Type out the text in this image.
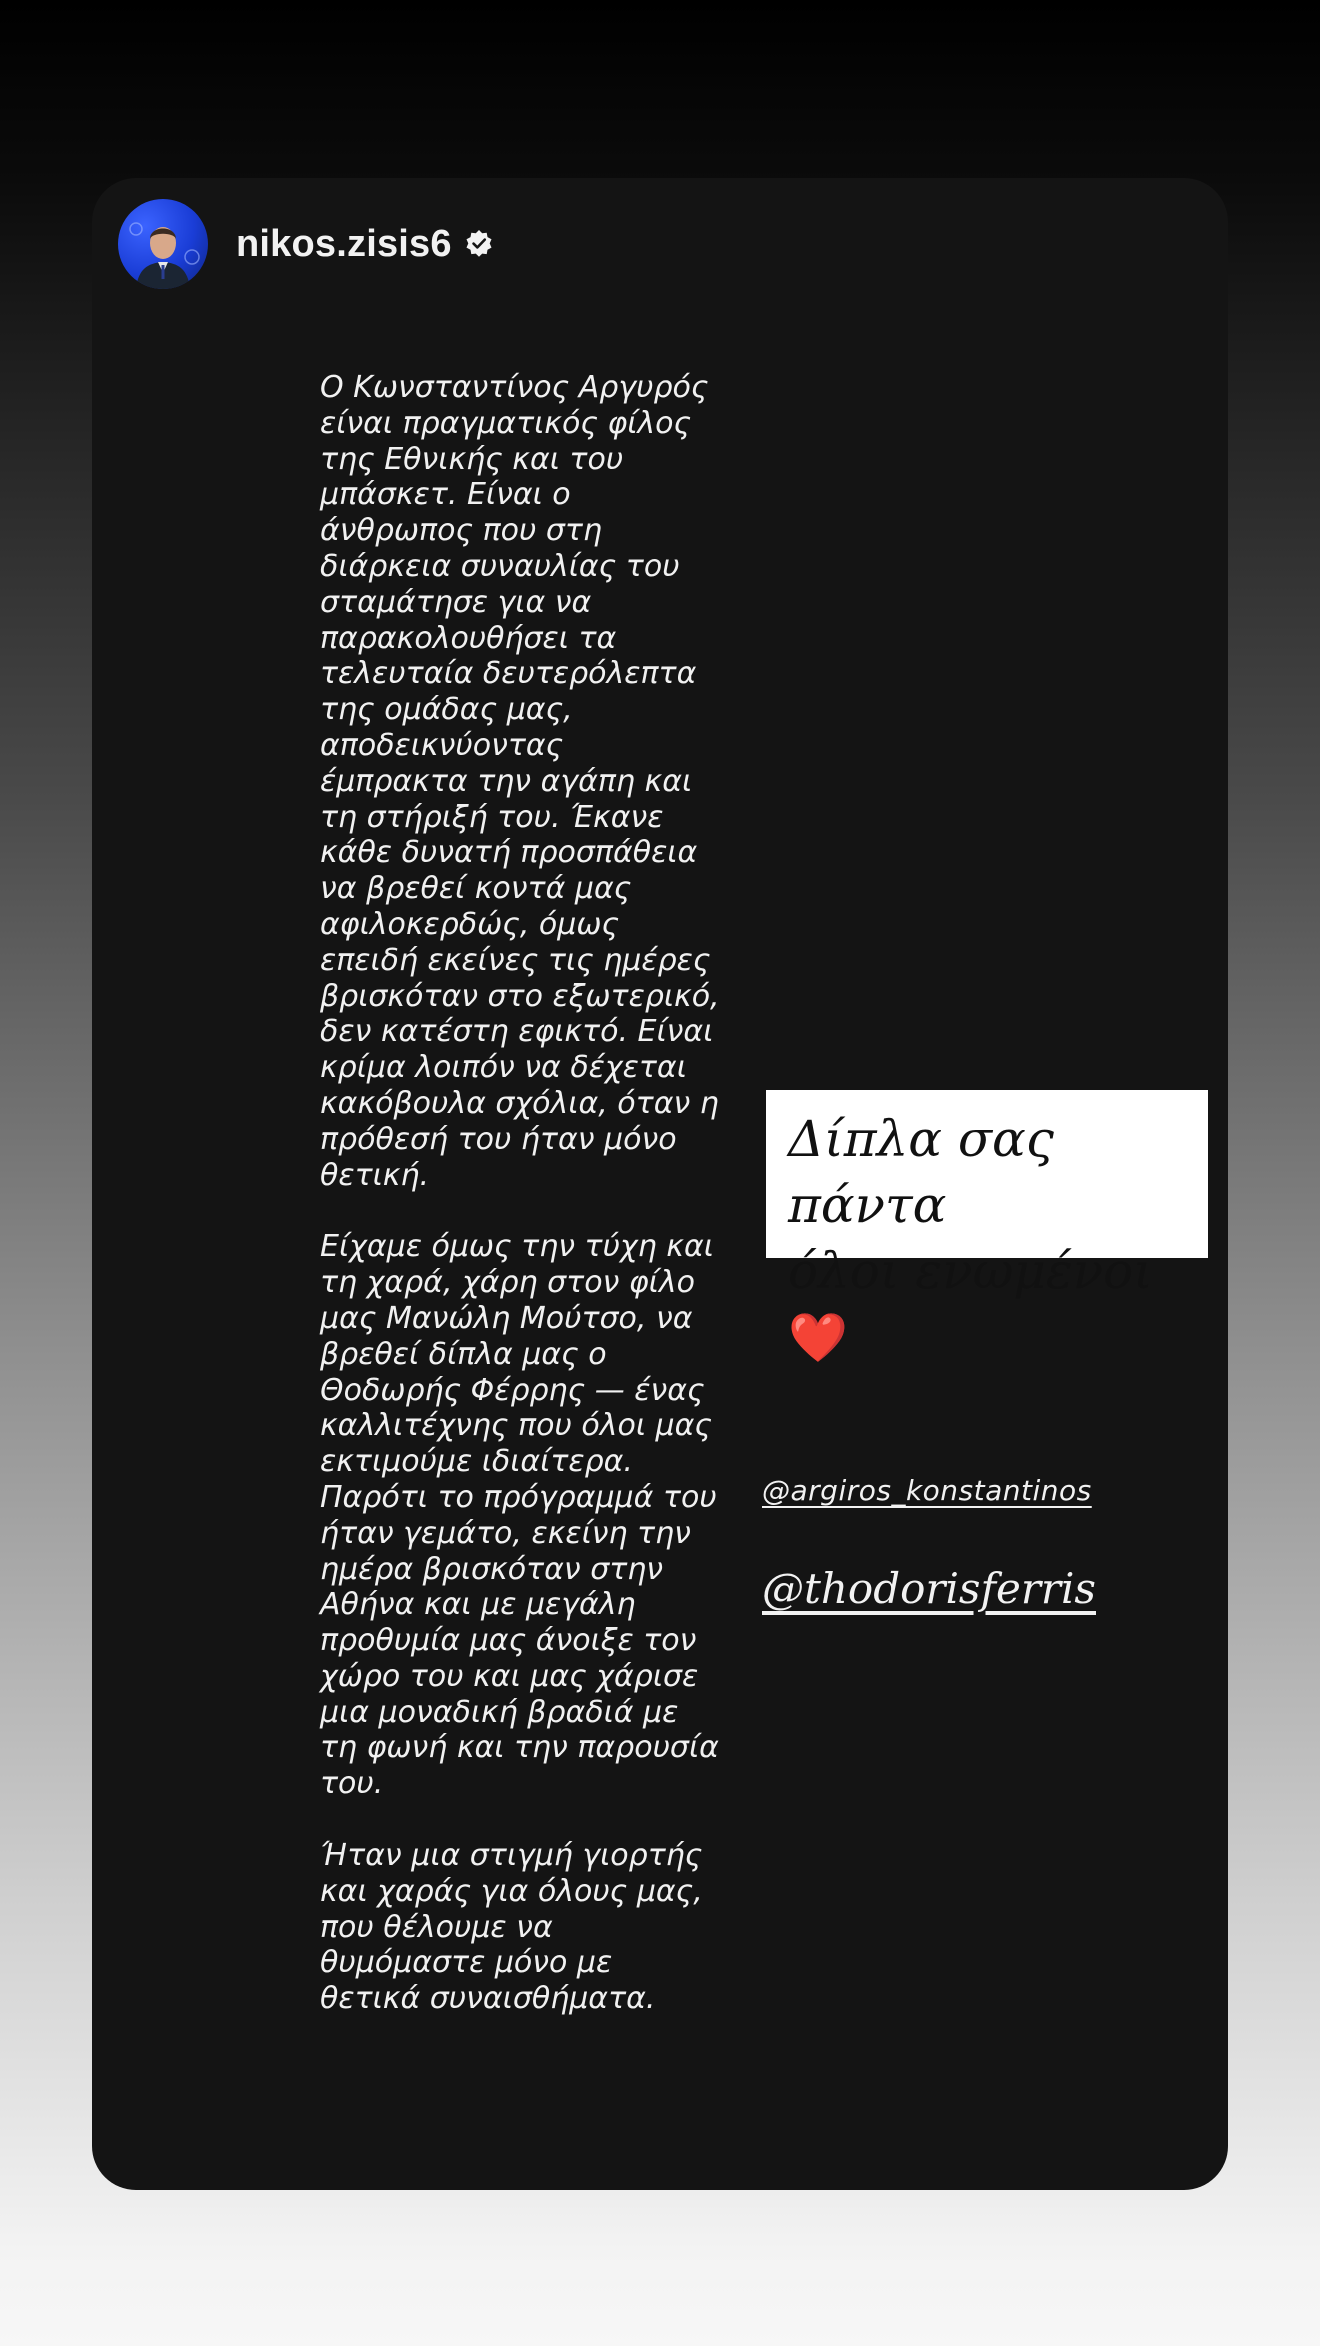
nikos.zisis6

Ο Κωνσταντίνος Αργυρός είναι πραγματικός φίλος της Εθνικής και του μπάσκετ. Είναι ο άνθρωπος που στη διάρκεια συναυλίας του σταμάτησε για να παρακολουθήσει τα τελευταία δευτερόλεπτα της ομάδας μας, αποδεικνύοντας έμπρακτα την αγάπη και τη στήριξή του. Έκανε κάθε δυνατή προσπάθεια να βρεθεί κοντά μας αφιλοκερδώς, όμως επειδή εκείνες τις ημέρες βρισκόταν στο εξωτερικό, δεν κατέστη εφικτό. Είναι κρίμα λοιπόν να δέχεται κακόβουλα σχόλια, όταν η πρόθεσή του ήταν μόνο θετική.

Είχαμε όμως την τύχη και τη χαρά, χάρη στον φίλο μας Μανώλη Μούτσο, να βρεθεί δίπλα μας ο Θοδωρής Φέρρης — ένας καλλιτέχνης που όλοι μας εκτιμούμε ιδιαίτερα. Παρότι το πρόγραμμά του ήταν γεμάτο, εκείνη την ημέρα βρισκόταν στην Αθήνα και με μεγάλη προθυμία μας άνοιξε τον χώρο του και μας χάρισε μια μοναδική βραδιά με τη φωνή και την παρουσία του.

Ήταν μια στιγμή γιορτής και χαράς για όλους μας, που θέλουμε να θυμόμαστε μόνο με θετικά συναισθήματα.

Δίπλα σας πάντα
όλοι ενωμένοι ❤️
@argiros_konstantinos
@thodorisferris
